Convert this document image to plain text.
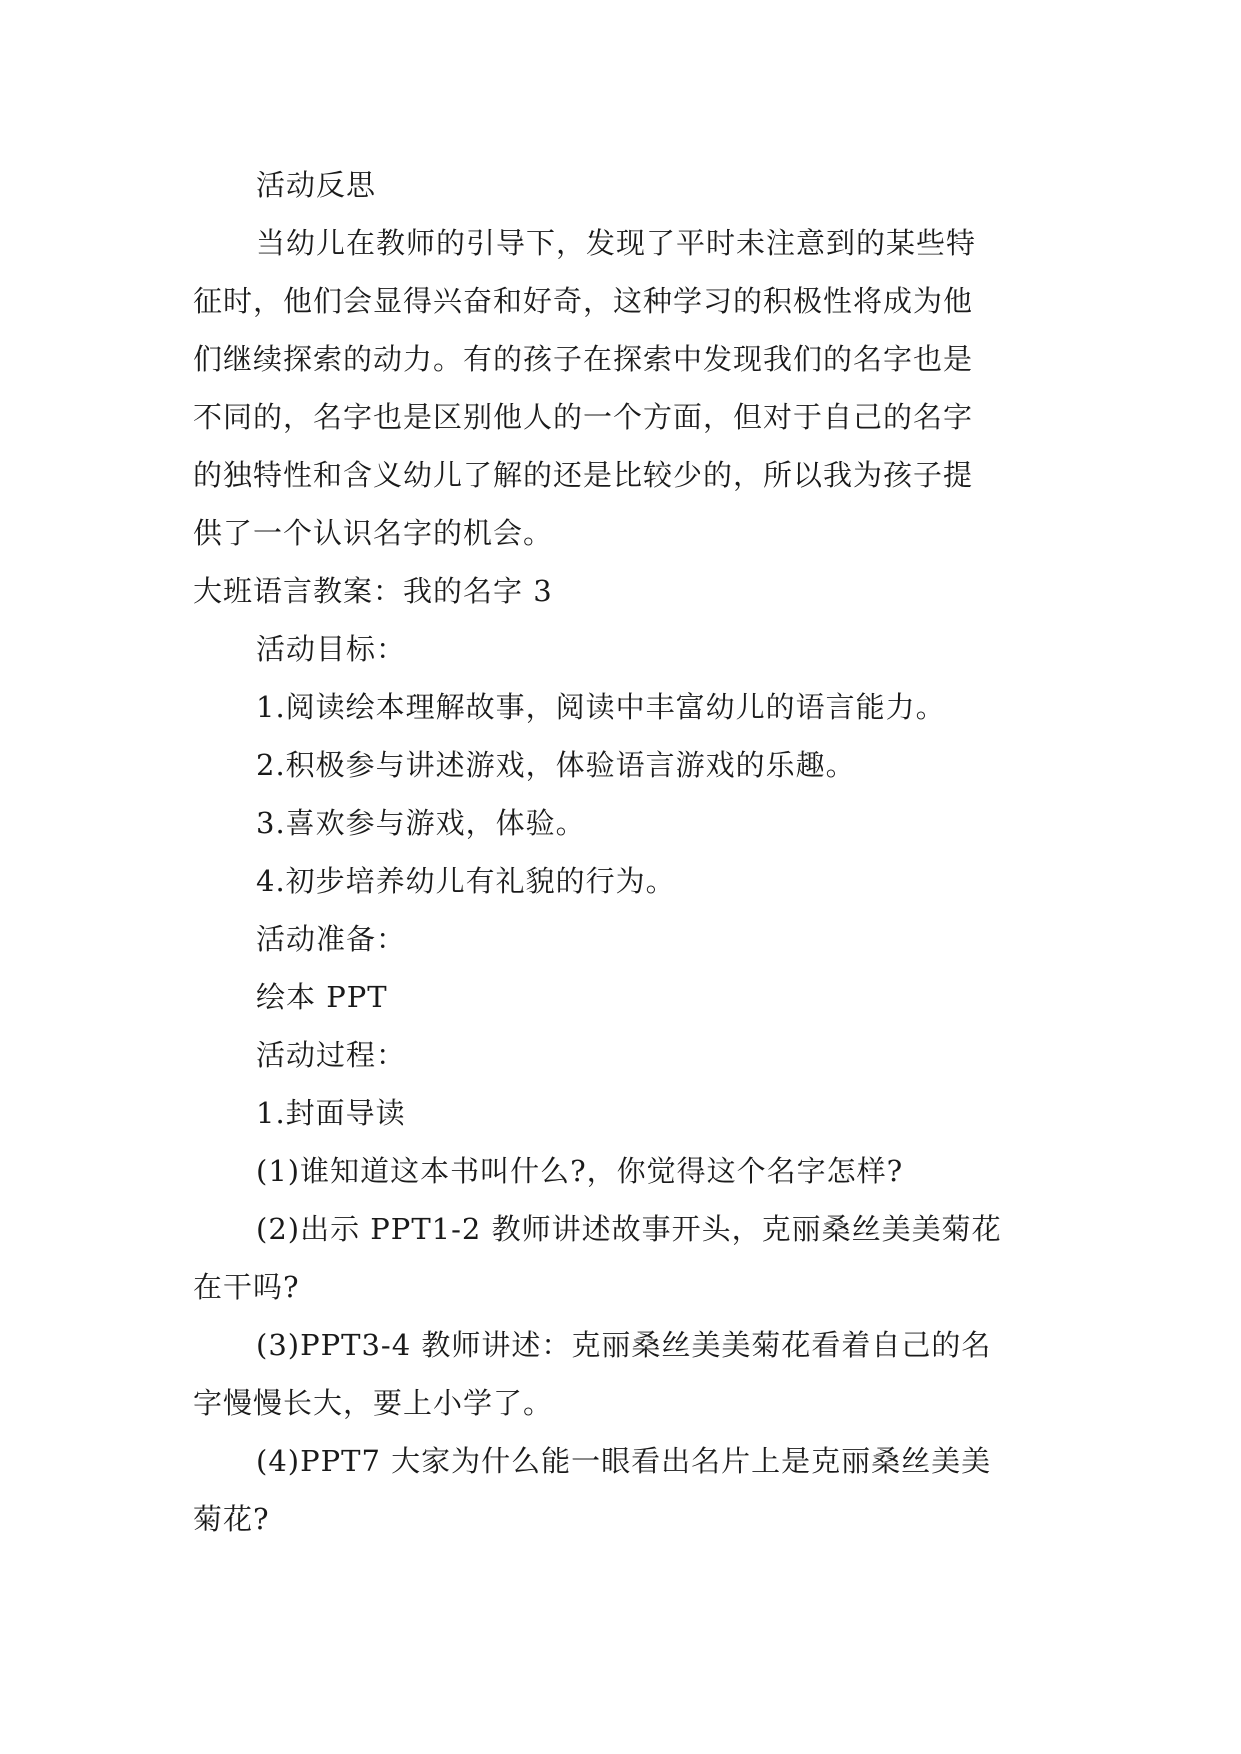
活动反思
当幼儿在教师的引导下，发现了平时未注意到的某些特
征时，他们会显得兴奋和好奇，这种学习的积极性将成为他
们继续探索的动力。有的孩子在探索中发现我们的名字也是
不同的，名字也是区别他人的一个方面，但对于自己的名字
的独特性和含义幼儿了解的还是比较少的，所以我为孩子提
供了一个认识名字的机会。
大班语言教案：我的名字 3
活动目标：
1.阅读绘本理解故事，阅读中丰富幼儿的语言能力。
2.积极参与讲述游戏，体验语言游戏的乐趣。
3.喜欢参与游戏，体验。
4.初步培养幼儿有礼貌的行为。
活动准备：
绘本 PPT
活动过程：
1.封面导读
(1)谁知道这本书叫什么?，你觉得这个名字怎样?
(2)出示 PPT1-2 教师讲述故事开头，克丽桑丝美美菊花
在干吗?
(3)PPT3-4 教师讲述：克丽桑丝美美菊花看着自己的名
字慢慢长大，要上小学了。
(4)PPT7 大家为什么能一眼看出名片上是克丽桑丝美美
菊花?
